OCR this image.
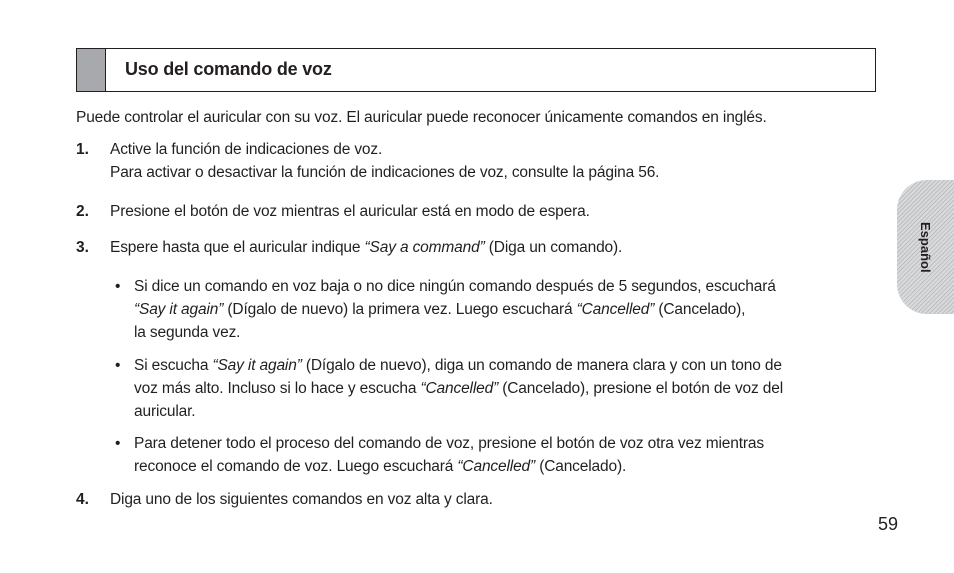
Uso del comando de voz
Puede controlar el auricular con su voz. El auricular puede reconocer únicamente comandos en inglés.
1. Active la función de indicaciones de voz.
Para activar o desactivar la función de indicaciones de voz, consulte la página 56.
2. Presione el botón de voz mientras el auricular está en modo de espera.
3. Espere hasta que el auricular indique “Say a command” (Diga un comando).
• Si dice un comando en voz baja o no dice ningún comando después de 5 segundos, escuchará
“Say it again” (Dígalo de nuevo) la primera vez. Luego escuchará “Cancelled” (Cancelado),
la segunda vez.
• Si escucha “Say it again” (Dígalo de nuevo), diga un comando de manera clara y con un tono de
voz más alto. Incluso si lo hace y escucha “Cancelled” (Cancelado), presione el botón de voz del
auricular.
• Para detener todo el proceso del comando de voz, presione el botón de voz otra vez mientras
reconoce el comando de voz. Luego escuchará “Cancelled” (Cancelado).
4. Diga uno de los siguientes comandos en voz alta y clara.
Español
59
